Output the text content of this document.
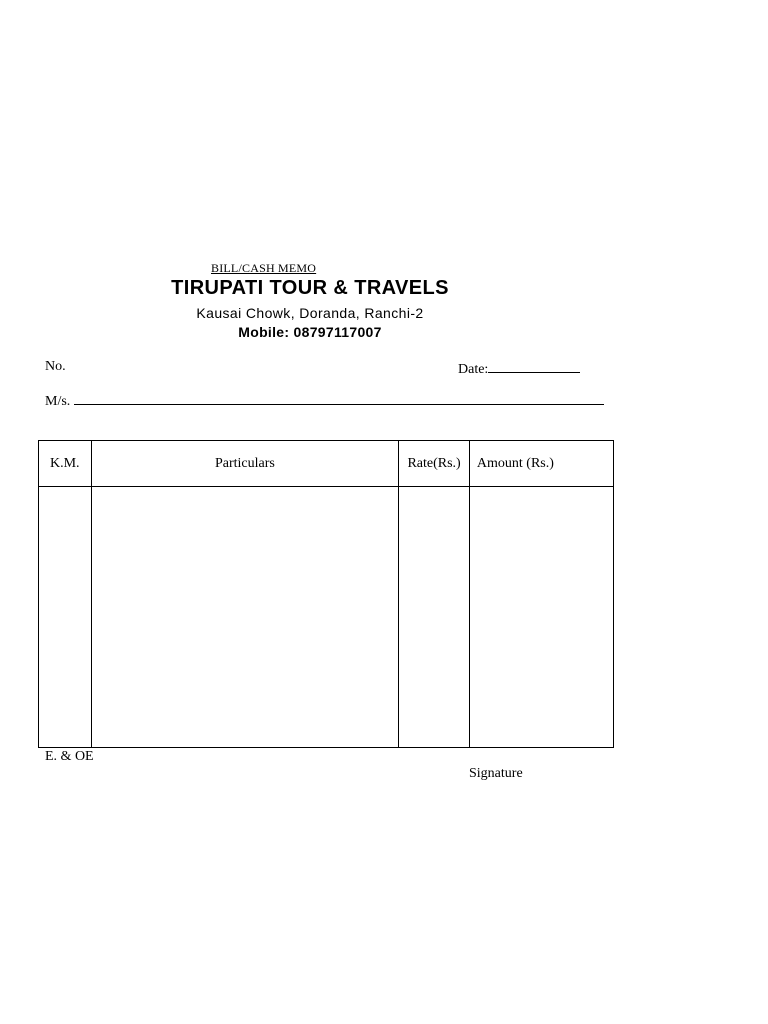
BILL/CASH MEMO
TIRUPATI TOUR & TRAVELS
Kausai Chowk, Doranda, Ranchi-2
Mobile: 08797117007
No.	Date:
M/s.
K.M.	Particulars	Rate(Rs.)	Amount (Rs.)

E. & OE
Signature
